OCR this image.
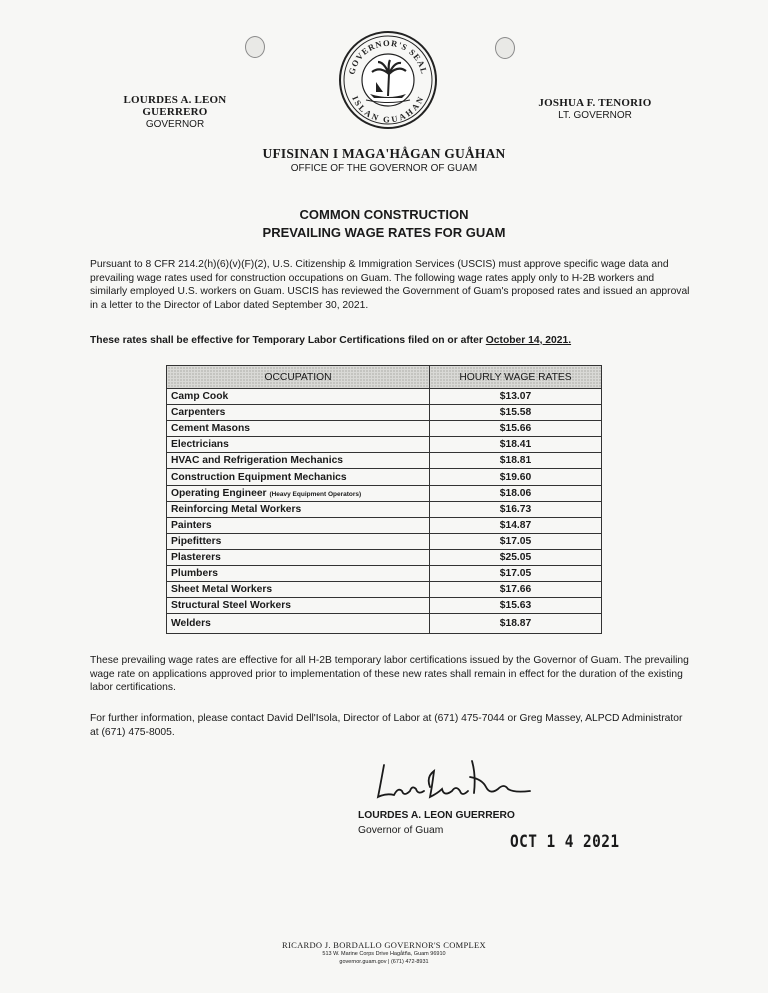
GOVERNOR'S SEAL
ISLAN GUAHAN
LOURDES A. LEON GUERRERO
GOVERNOR
JOSHUA F. TENORIO
LT. GOVERNOR
UFISINAN I MAGA'HÅGAN GUÅHAN
OFFICE OF THE GOVERNOR OF GUAM
COMMON CONSTRUCTION
PREVAILING WAGE RATES FOR GUAM
Pursuant to 8 CFR 214.2(h)(6)(v)(F)(2), U.S. Citizenship & Immigration Services (USCIS) must approve specific wage data and prevailing wage rates used for construction occupations on Guam. The following wage rates apply only to H-2B workers and similarly employed U.S. workers on Guam. USCIS has reviewed the Government of Guam's proposed rates and issued an approval in a letter to the Director of Labor dated September 30, 2021.
These rates shall be effective for Temporary Labor Certifications filed on or after October 14, 2021.
OCCUPATION	HOURLY WAGE RATES
Camp Cook	$13.07
Carpenters	$15.58
Cement Masons	$15.66
Electricians	$18.41
HVAC and Refrigeration Mechanics	$18.81
Construction Equipment Mechanics	$19.60
Operating Engineer (Heavy Equipment Operators)	$18.06
Reinforcing Metal Workers	$16.73
Painters	$14.87
Pipefitters	$17.05
Plasterers	$25.05
Plumbers	$17.05
Sheet Metal Workers	$17.66
Structural Steel Workers	$15.63
Welders	$18.87
These prevailing wage rates are effective for all H-2B temporary labor certifications issued by the Governor of Guam. The prevailing wage rate on applications approved prior to implementation of these new rates shall remain in effect for the duration of the existing labor certifications.
For further information, please contact David Dell'Isola, Director of Labor at (671) 475-7044 or Greg Massey, ALPCD Administrator at (671) 475-8005.
LOURDES A. LEON GUERRERO
Governor of Guam
OCT 1 4 2021
RICARDO J. BORDALLO GOVERNOR'S COMPLEX
513 W. Marine Corps Drive Hagåtña, Guam 96910
governor.guam.gov | (671) 472-8931
